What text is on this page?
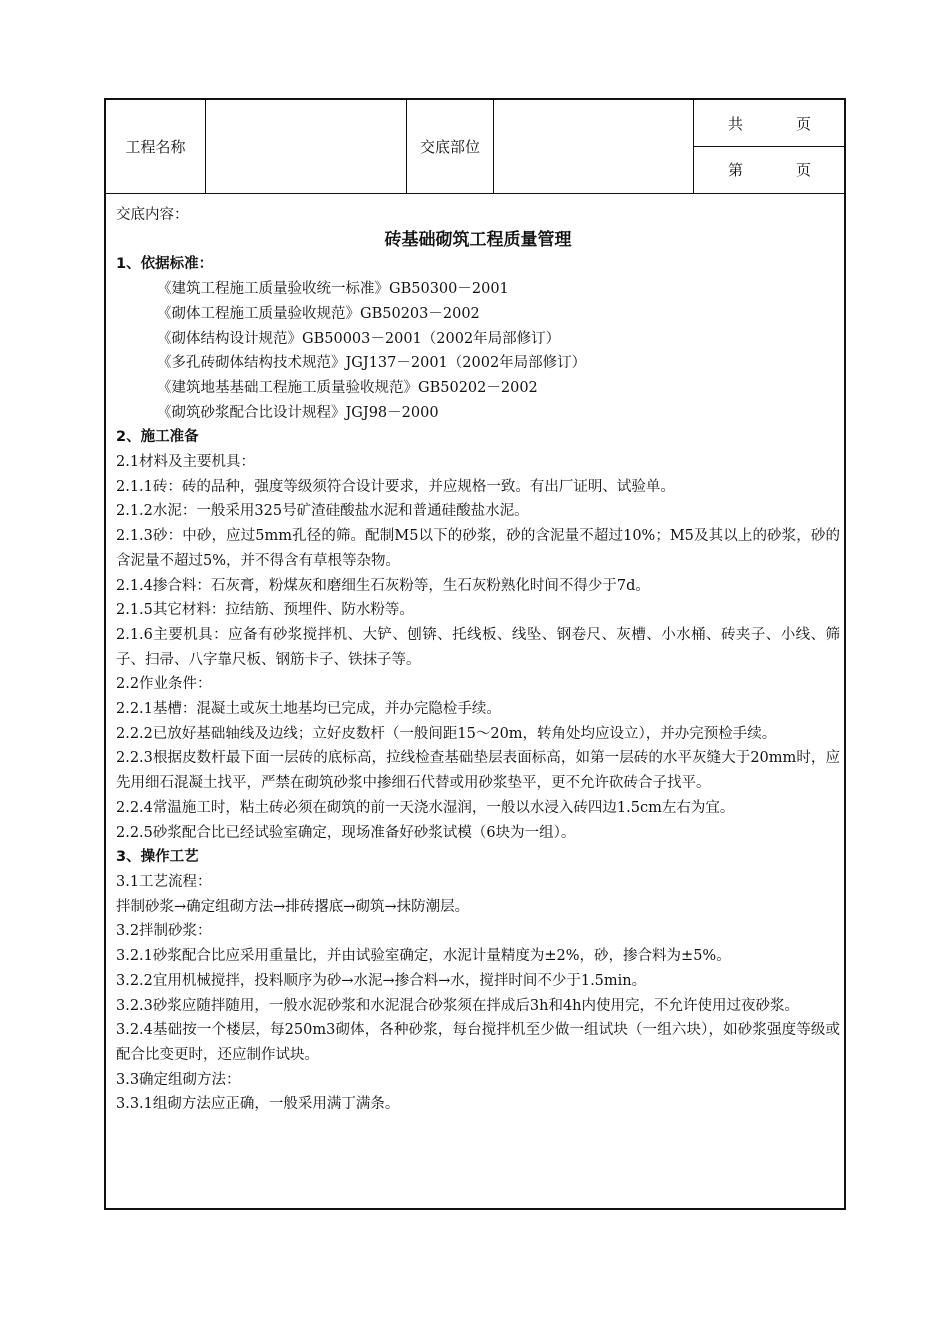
工程名称	交底部位
共	页
第	页
交底内容：
砖基础砌筑工程质量管理
1、依据标准：
《建筑工程施工质量验收统一标准》GB50300－2001
《砌体工程施工质量验收规范》GB50203－2002
《砌体结构设计规范》GB50003－2001（2002年局部修订）
《多孔砖砌体结构技术规范》JGJ137－2001（2002年局部修订）
《建筑地基基础工程施工质量验收规范》GB50202－2002
《砌筑砂浆配合比设计规程》JGJ98－2000
2、施工准备
2.1材料及主要机具：
2.1.1砖：砖的品种，强度等级须符合设计要求，并应规格一致。有出厂证明、试验单。
2.1.2水泥：一般采用325号矿渣硅酸盐水泥和普通硅酸盐水泥。
2.1.3砂：中砂，应过5mm孔径的筛。配制M5以下的砂浆，砂的含泥量不超过10%；M5及其以上的砂浆，砂的含泥量不超过5%，并不得含有草根等杂物。
2.1.4掺合料：石灰膏，粉煤灰和磨细生石灰粉等，生石灰粉熟化时间不得少于7d。
2.1.5其它材料：拉结筋、预埋件、防水粉等。
2.1.6主要机具：应备有砂浆搅拌机、大铲、刨锛、托线板、线坠、钢卷尺、灰槽、小水桶、砖夹子、小线、筛子、扫帚、八字靠尺板、钢筋卡子、铁抹子等。
2.2作业条件：
2.2.1基槽：混凝土或灰土地基均已完成，并办完隐检手续。
2.2.2已放好基础轴线及边线；立好皮数杆（一般间距15～20m，转角处均应设立），并办完预检手续。
2.2.3根据皮数杆最下面一层砖的底标高，拉线检查基础垫层表面标高，如第一层砖的水平灰缝大于20mm时，应先用细石混凝土找平，严禁在砌筑砂浆中掺细石代替或用砂浆垫平，更不允许砍砖合子找平。
2.2.4常温施工时，粘土砖必须在砌筑的前一天浇水湿润，一般以水浸入砖四边1.5cm左右为宜。
2.2.5砂浆配合比已经试验室确定，现场准备好砂浆试模（6块为一组）。
3、操作工艺
3.1工艺流程：
拌制砂浆→确定组砌方法→排砖撂底→砌筑→抹防潮层。
3.2拌制砂浆：
3.2.1砂浆配合比应采用重量比，并由试验室确定，水泥计量精度为±2%，砂，掺合料为±5%。
3.2.2宜用机械搅拌，投料顺序为砂→水泥→掺合料→水，搅拌时间不少于1.5min。
3.2.3砂浆应随拌随用，一般水泥砂浆和水泥混合砂浆须在拌成后3h和4h内使用完，不允许使用过夜砂浆。
3.2.4基础按一个楼层，每250m3砌体，各种砂浆，每台搅拌机至少做一组试块（一组六块），如砂浆强度等级或配合比变更时，还应制作试块。
3.3确定组砌方法：
3.3.1组砌方法应正确，一般采用满丁满条。
